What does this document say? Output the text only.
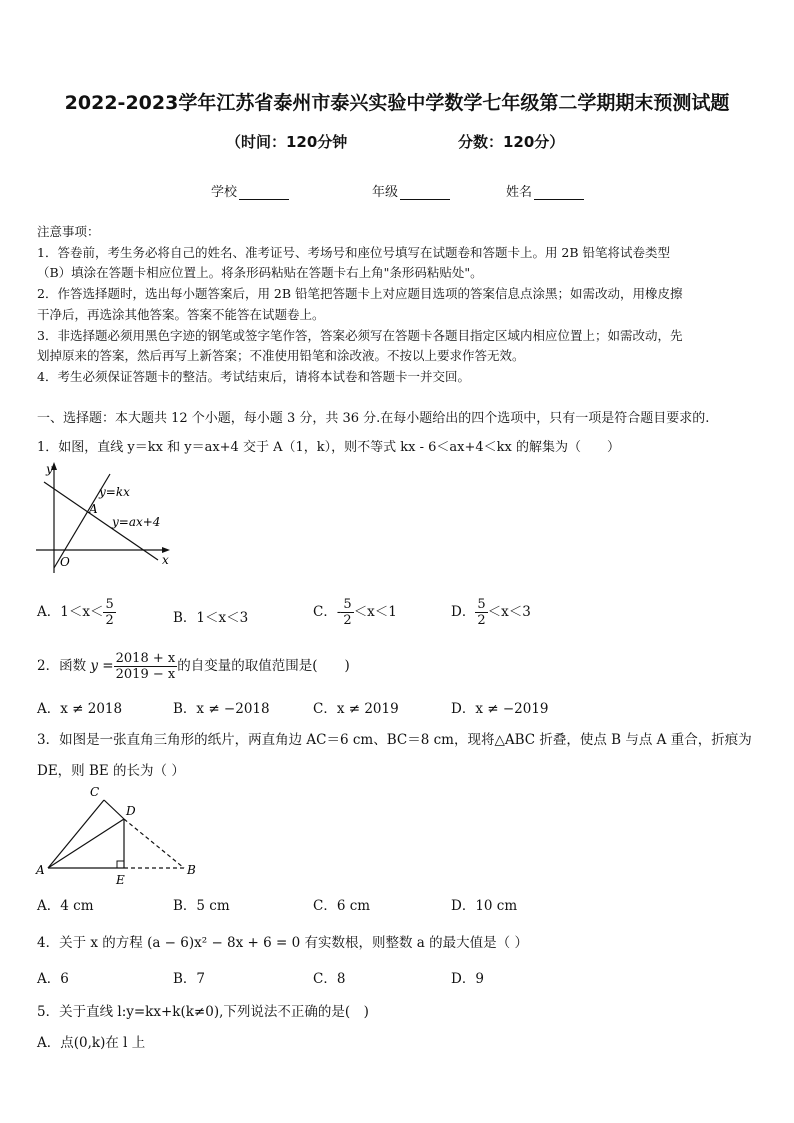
2022-2023学年江苏省泰州市泰兴实验中学数学七年级第二学期期末预测试题
（时间：120分钟	分数：120分）
学校	年级	姓名
注意事项：
1．答卷前，考生务必将自己的姓名、准考证号、考场号和座位号填写在试题卷和答题卡上。用 2B 铅笔将试卷类型
（B）填涂在答题卡相应位置上。将条形码粘贴在答题卡右上角"条形码粘贴处"。
2．作答选择题时，选出每小题答案后，用 2B 铅笔把答题卡上对应题目选项的答案信息点涂黑；如需改动，用橡皮擦
干净后，再选涂其他答案。答案不能答在试题卷上。
3．非选择题必须用黑色字迹的钢笔或签字笔作答，答案必须写在答题卡各题目指定区域内相应位置上；如需改动，先
划掉原来的答案，然后再写上新答案；不准使用铅笔和涂改液。不按以上要求作答无效。
4．考生必须保证答题卡的整洁。考试结束后，请将本试卷和答题卡一并交回。
一、选择题：本大题共 12 个小题，每小题 3 分，共 36 分.在每小题给出的四个选项中，只有一项是符合题目要求的.
1．如图，直线 y＝kx 和 y＝ax+4 交于 A（1，k），则不等式 kx - 6＜ax+4＜kx 的解集为（　　）
y
x
O
A
y=kx
y=ax+4
A．$1<x< \frac{5}{2}$	B．1＜x＜3	C．- $\frac{5}{2} <x<1$	D． $\frac{5}{2} <x<3$
2．函数 $y = \frac{2018 + x}{2019 - x}$ 的自变量的取值范围是(　　)
A．x ≠ 2018	B．x ≠ −2018	C．x ≠ 2019	D．x ≠ −2019
3．如图是一张直角三角形的纸片，两直角边 AC＝6 cm、BC＝8 cm，现将△ABC 折叠，使点 B 与点 A 重合，折痕为
DE，则 BE 的长为（ ）
C
D
A
E
B
A．4 cm	B．5 cm	C．6 cm	D．10 cm
4．关于 x 的方程 (a − 6)x² − 8x + 6 = 0 有实数根，则整数 a 的最大值是（ ）
A．6	B．7	C．8	D．9
5．关于直线 l:y=kx+k(k≠0),下列说法不正确的是(　)
A．点(0,k)在 l 上
